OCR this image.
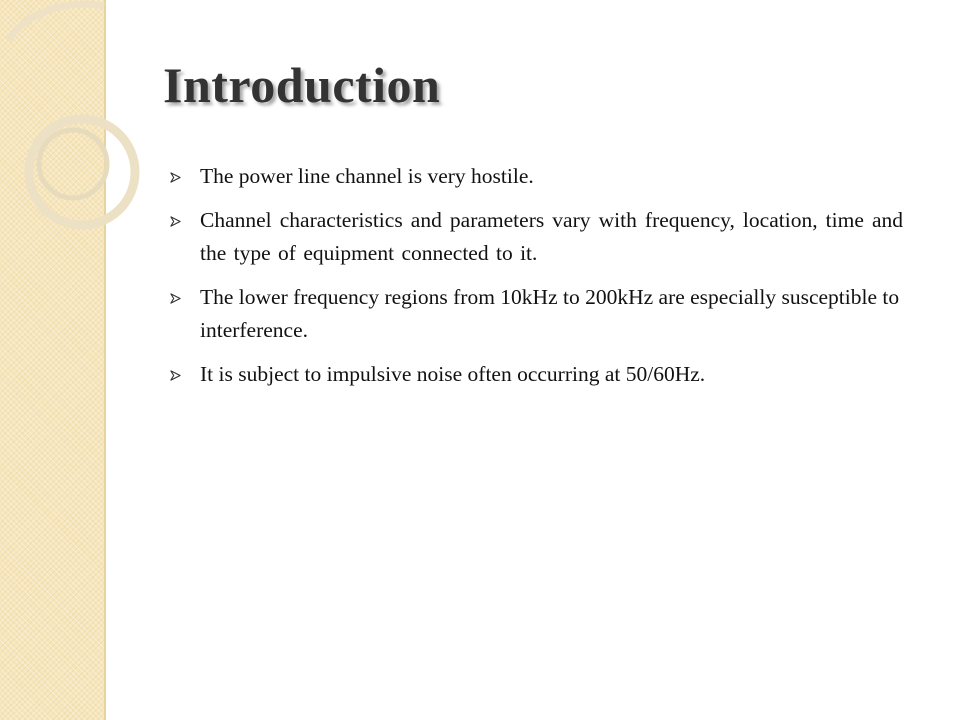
Introduction
The power line channel is very hostile.
Channel characteristics and parameters vary with frequency, location, time and the type of equipment connected to it.
The lower frequency regions from 10kHz to 200kHz are especially susceptible to interference.
It is subject to impulsive noise often occurring at 50/60Hz.
